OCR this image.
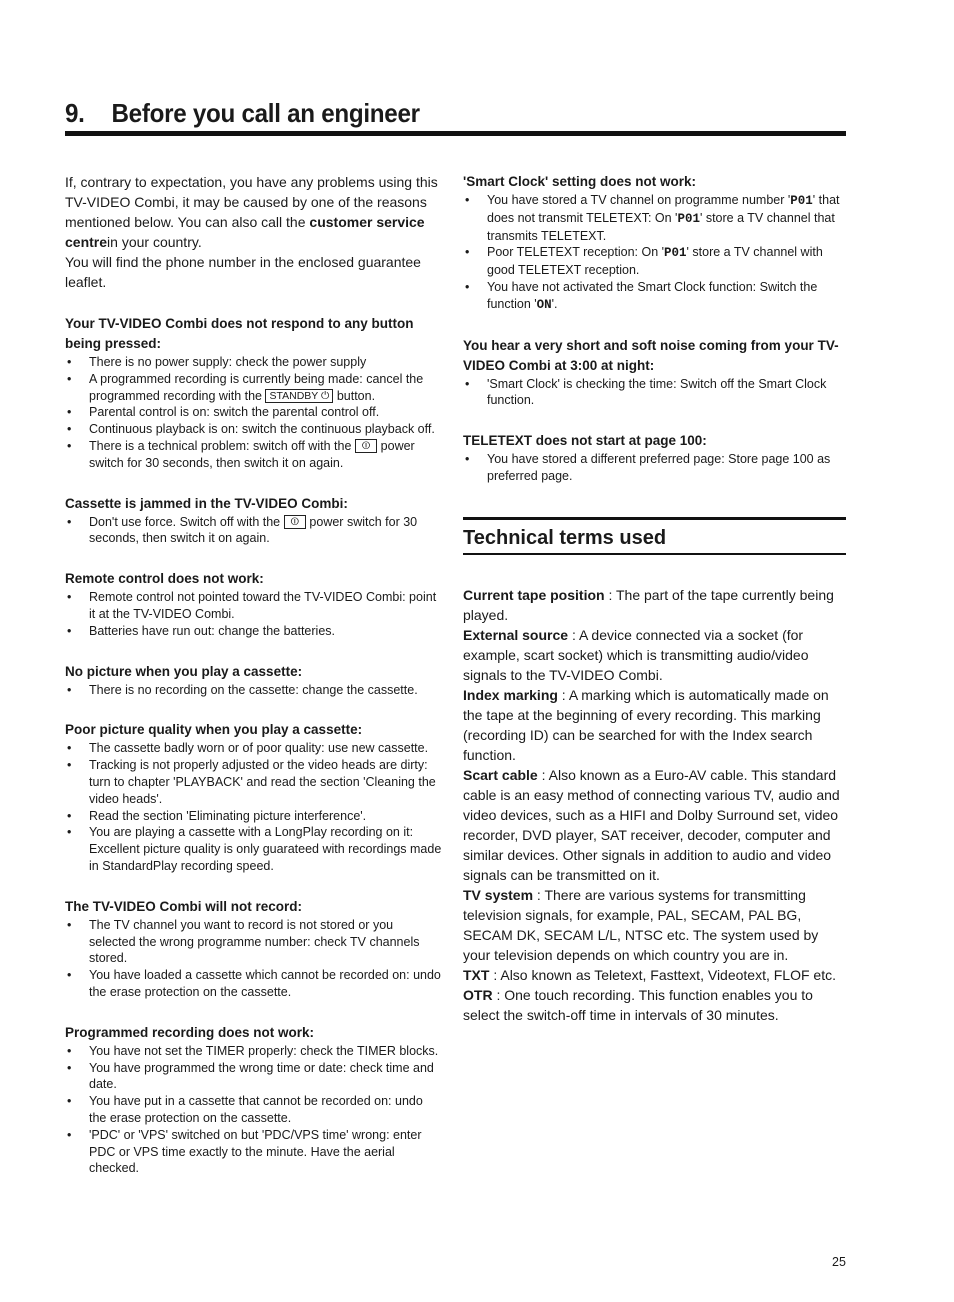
9. Before you call an engineer

If, contrary to expectation, you have any problems using this TV-VIDEO Combi, it may be caused by one of the reasons mentioned below. You can also call the customer service centrein your country.

You will find the phone number in the enclosed guarantee leaflet.

Your TV-VIDEO Combi does not respond to any button being pressed:
• There is no power supply: check the power supply
• A programmed recording is currently being made: cancel the programmed recording with the STANDBY ⏻ button.
• Parental control is on: switch the parental control off.
• Continuous playback is on: switch the continuous playback off.
• There is a technical problem: switch off with the ⏼ power switch for 30 seconds, then switch it on again.
Cassette is jammed in the TV-VIDEO Combi:
• Don't use force. Switch off with the ⏼ power switch for 30 seconds, then switch it on again.
Remote control does not work:
• Remote control not pointed toward the TV-VIDEO Combi: point it at the TV-VIDEO Combi.
• Batteries have run out: change the batteries.
No picture when you play a cassette:
• There is no recording on the cassette: change the cassette.
Poor picture quality when you play a cassette:
• The cassette badly worn or of poor quality: use new cassette.
• Tracking is not properly adjusted or the video heads are dirty: turn to chapter 'PLAYBACK' and read the section 'Cleaning the video heads'.
• Read the section 'Eliminating picture interference'.
• You are playing a cassette with a LongPlay recording on it: Excellent picture quality is only guarateed with recordings made in StandardPlay recording speed.
The TV-VIDEO Combi will not record:
• The TV channel you want to record is not stored or you selected the wrong programme number: check TV channels stored.
• You have loaded a cassette which cannot be recorded on: undo the erase protection on the cassette.
Programmed recording does not work:
• You have not set the TIMER properly: check the TIMER blocks.
• You have programmed the wrong time or date: check time and date.
• You have put in a cassette that cannot be recorded on: undo the erase protection on the cassette.
• 'PDC' or 'VPS' switched on but 'PDC/VPS time' wrong: enter PDC or VPS time exactly to the minute. Have the aerial checked.
'Smart Clock' setting does not work:
• You have stored a TV channel on programme number 'P01' that does not transmit TELETEXT: On 'P01' store a TV channel that transmits TELETEXT.
• Poor TELETEXT reception: On 'P01' store a TV channel with good TELETEXT reception.
• You have not activated the Smart Clock function: Switch the function 'ON'.
You hear a very short and soft noise coming from your TV-VIDEO Combi at 3:00 at night:
• 'Smart Clock' is checking the time: Switch off the Smart Clock function.
TELETEXT does not start at page 100:
• You have stored a different preferred page: Store page 100 as preferred page.
Technical terms used

Current tape position : The part of the tape currently being played.

External source : A device connected via a socket (for example, scart socket) which is transmitting audio/video signals to the TV-VIDEO Combi.

Index marking : A marking which is automatically made on the tape at the beginning of every recording. This marking (recording ID) can be searched for with the Index search function.

Scart cable : Also known as a Euro-AV cable. This standard cable is an easy method of connecting various TV, audio and video devices, such as a HIFI and Dolby Surround set, video recorder, DVD player, SAT receiver, decoder, computer and similar devices. Other signals in addition to audio and video signals can be transmitted on it.

TV system : There are various systems for transmitting television signals, for example, PAL, SECAM, PAL BG, SECAM DK, SECAM L/L, NTSC etc. The system used by your television depends on which country you are in.

TXT : Also known as Teletext, Fasttext, Videotext, FLOF etc.

OTR : One touch recording. This function enables you to select the switch-off time in intervals of 30 minutes.

25
